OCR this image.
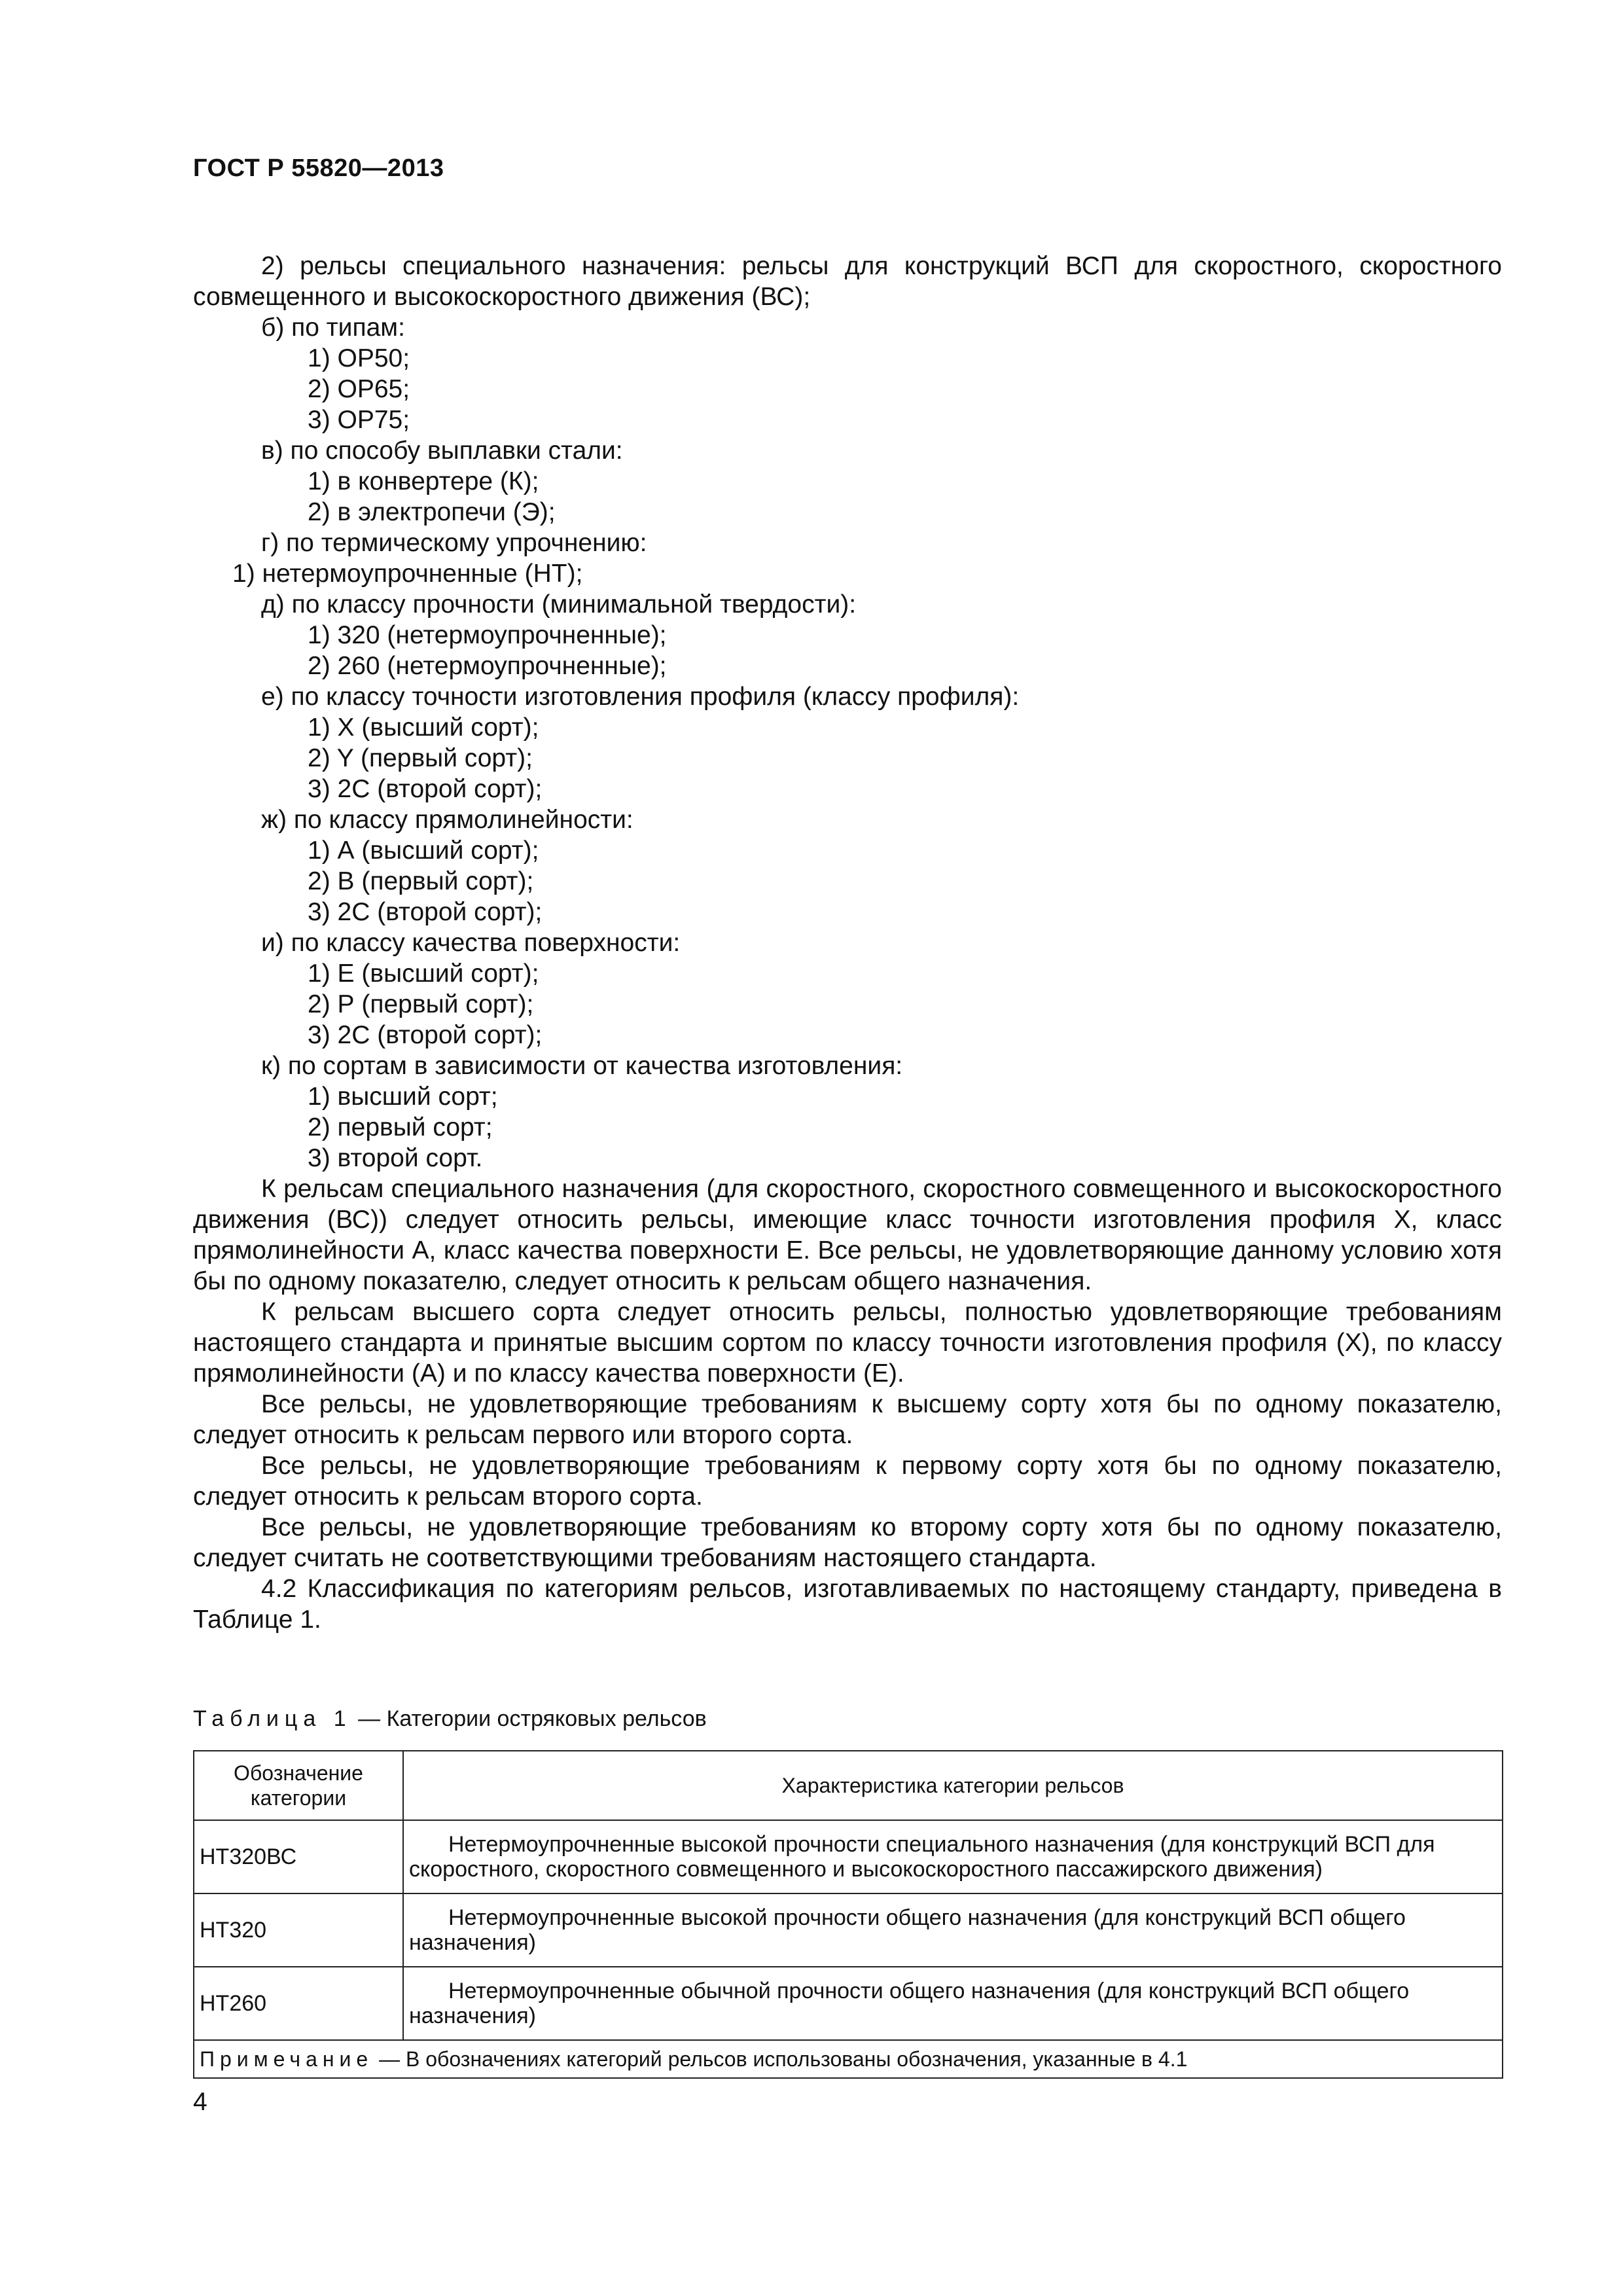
ГОСТ Р 55820—2013
2) рельсы специального назначения: рельсы для конструкций ВСП для скоростного, скоростного
совмещенного и высокоскоростного движения (ВС);
б) по типам:
1) ОР50;
2) ОР65;
3) ОР75;
в) по способу выплавки стали:
1) в конвертере (К);
2) в электропечи (Э);
г) по термическому упрочнению:
1) нетермоупрочненные (НТ);
д) по классу прочности (минимальной твердости):
1) 320 (нетермоупрочненные);
2) 260 (нетермоупрочненные);
е) по классу точности изготовления профиля (классу профиля):
1) X (высший сорт);
2) Y (первый сорт);
3) 2С (второй сорт);
ж) по классу прямолинейности:
1) А (высший сорт);
2) В (первый сорт);
3) 2С (второй сорт);
и) по классу качества поверхности:
1) Е (высший сорт);
2) Р (первый сорт);
3) 2С (второй сорт);
к) по сортам в зависимости от качества изготовления:
1) высший сорт;
2) первый сорт;
3) второй сорт.
К рельсам специального назначения (для скоростного, скоростного совмещенного и высокоскоростного движения (ВС)) следует относить рельсы, имеющие класс точности изготовления профиля X, класс прямолинейности А, класс качества поверхности Е. Все рельсы, не удовлетворяющие данному условию хотя бы по одному показателю, следует относить к рельсам общего назначения.
К рельсам высшего сорта следует относить рельсы, полностью удовлетворяющие требованиям настоящего стандарта и принятые высшим сортом по классу точности изготовления профиля (X), по классу прямолинейности (А) и по классу качества поверхности (Е).
Все рельсы, не удовлетворяющие требованиям к высшему сорту хотя бы по одному показателю, следует относить к рельсам первого или второго сорта.
Все рельсы, не удовлетворяющие требованиям к первому сорту хотя бы по одному показателю, следует относить к рельсам второго сорта.
Все рельсы, не удовлетворяющие требованиям ко второму сорту хотя бы по одному показателю, следует считать не соответствующими требованиям настоящего стандарта.
4.2 Классификация по категориям рельсов, изготавливаемых по настоящему стандарту, приведена в Таблице 1.
Таблица 1 — Категории остряковых рельсов
Обозначение категории	Характеристика категории рельсов
НТ320ВС	Нетермоупрочненные высокой прочности специального назначения (для конструкций ВСП для скоростного, скоростного совмещенного и высокоскоростного пассажирского движения)
НТ320	Нетермоупрочненные высокой прочности общего назначения (для конструкций ВСП общего назначения)
НТ260	Нетермоупрочненные обычной прочности общего назначения (для конструкций ВСП общего назначения)
Примечание — В обозначениях категорий рельсов использованы обозначения, указанные в 4.1	
4
